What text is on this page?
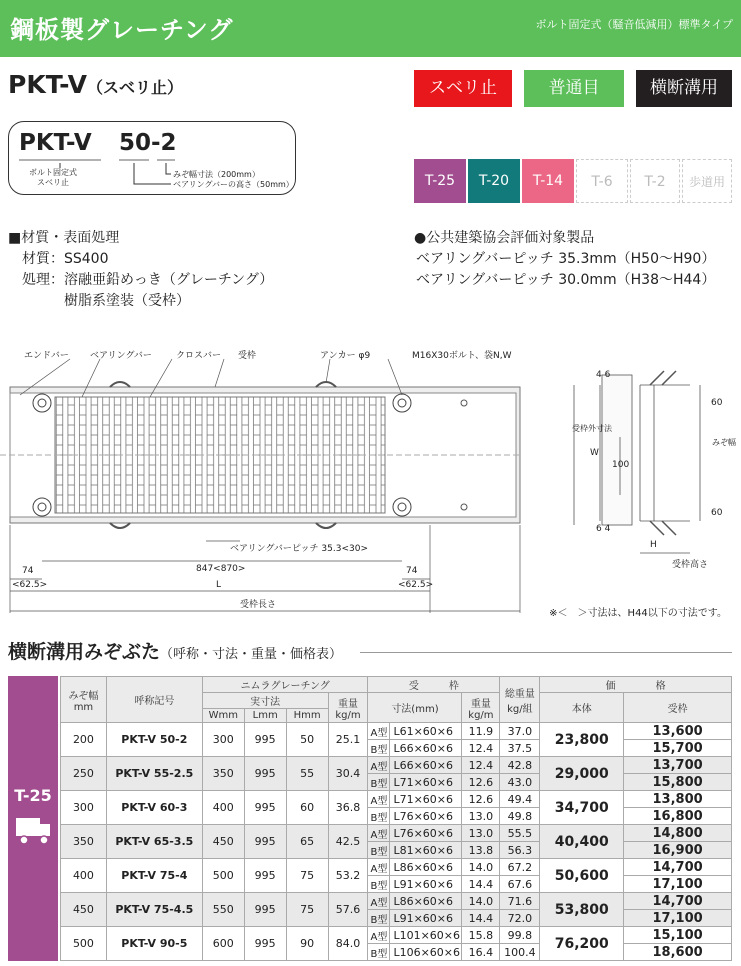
鋼板製グレーチング	ボルト固定式（騒音低減用）標準タイプ
PKT-V（スベリ止）	スベリ止	普通目	横断溝用
PKT-V 50-2
ボルト固定式
スベリ止
みぞ幅寸法（200mm）
ベアリングバーの高さ（50mm）	T-25	T-20	T-14	T-6	T-2	歩道用
■材質・表面処理
材質：SS400
処理：溶融亜鉛めっき（グレーチング）
　　　樹脂系塗装（受枠）
●公共建築協会評価対象製品
ベアリングバーピッチ 35.3mm（H50～H90）
ベアリングバーピッチ 30.0mm（H38～H44）
エンドバー ベアリングバー	クロスバー 受枠	アンカー φ9	M16X30ボルト、袋N,W
ベアリングバーピッチ 35.3<30>
847<870>
74	74
<62.5>	<62.5>
L
受枠長さ
4 6
6 4
60
60
100
W
受枠外寸法
みぞ幅
H
受枠高さ
※＜　＞寸法は、H44以下の寸法です。
横断溝用みぞぶた（呼称・寸法・重量・価格表）
T-25
みぞ幅
mm	呼称記号	ニムラグレーチング				受　　　枠			総重量
kg/組	価　　　　格	
		実寸法			重量
kg/m	寸法(mm)		重量
kg/m		本体	受枠
		Wmm	Lmm	Hmm							
200	PKT-V 50-2	300	995	50	25.1	A型	L61×60×6	11.9	37.0	23,800	13,600
						B型	L66×60×6	12.4	37.5		15,700
250	PKT-V 55-2.5	350	995	55	30.4	A型	L66×60×6	12.4	42.8	29,000	13,700
						B型	L71×60×6	12.6	43.0		15,800
300	PKT-V 60-3	400	995	60	36.8	A型	L71×60×6	12.6	49.4	34,700	13,800
						B型	L76×60×6	13.0	49.8		16,800
350	PKT-V 65-3.5	450	995	65	42.5	A型	L76×60×6	13.0	55.5	40,400	14,800
						B型	L81×60×6	13.8	56.3		16,900
400	PKT-V 75-4	500	995	75	53.2	A型	L86×60×6	14.0	67.2	50,600	14,700
						B型	L91×60×6	14.4	67.6		17,100
450	PKT-V 75-4.5	550	995	75	57.6	A型	L86×60×6	14.0	71.6	53,800	14,700
						B型	L91×60×6	14.4	72.0		17,100
500	PKT-V 90-5	600	995	90	84.0	A型	L101×60×6	15.8	99.8	76,200	15,100
						B型	L106×60×6	16.4	100.4		18,600
